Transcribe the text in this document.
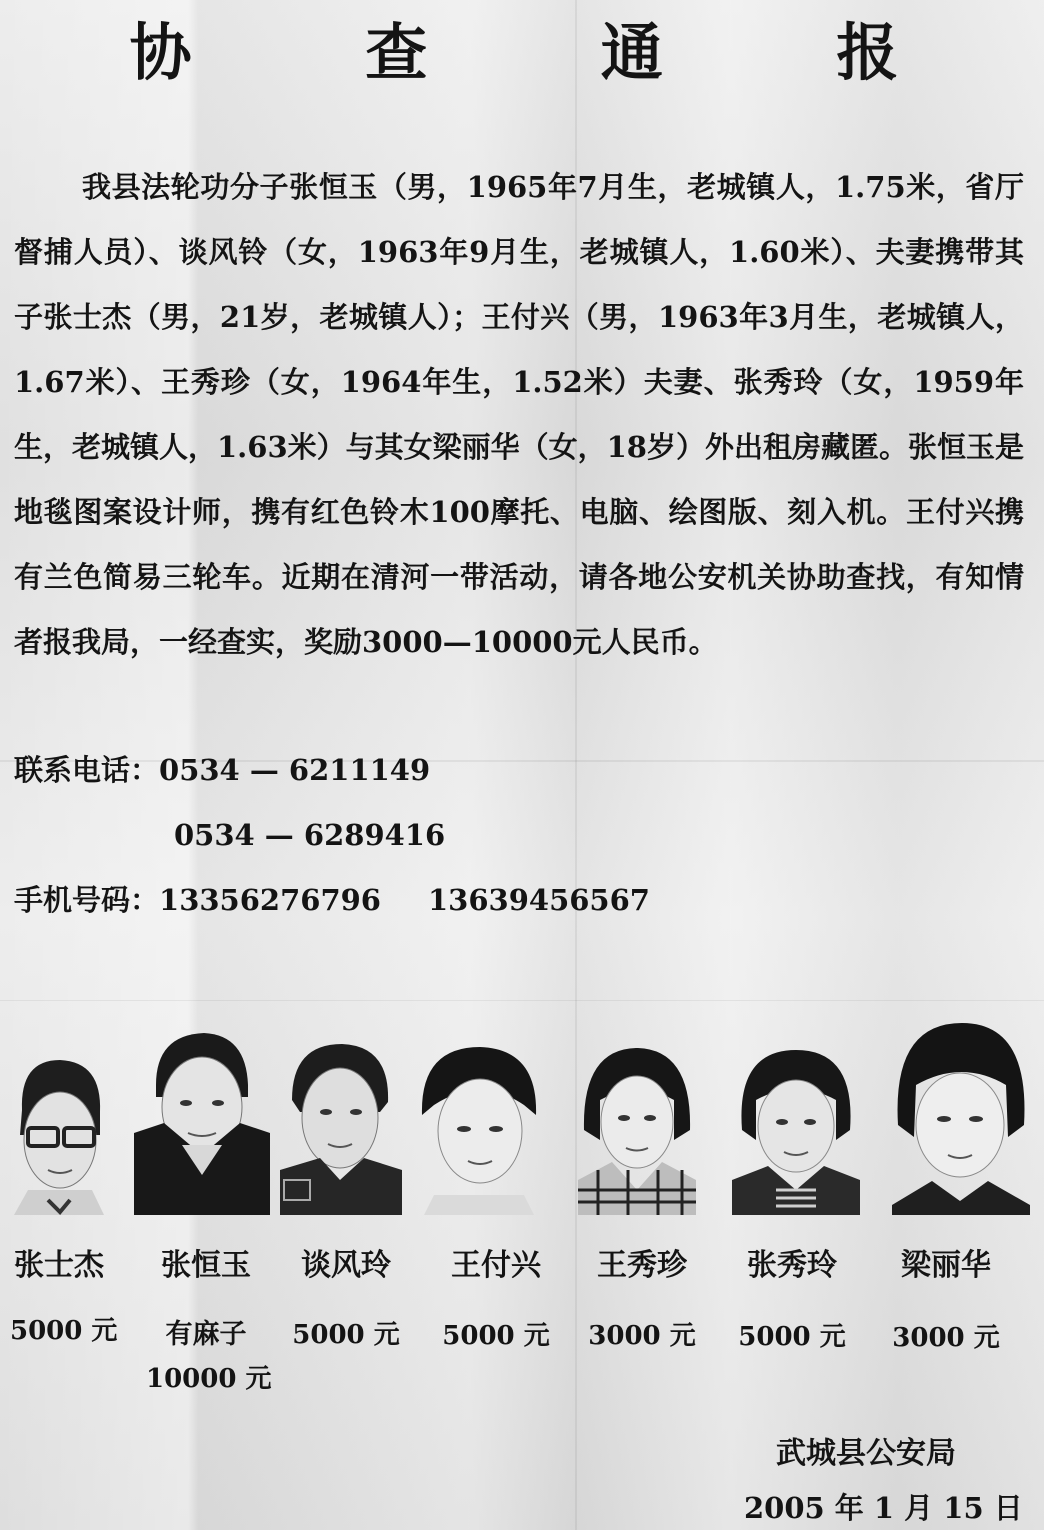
协 查 通 报

我县法轮功分子张恒玉（男，1965年7月生，老城镇人，1.75米，省厅督捕人员）、谈风铃（女，1963年9月生，老城镇人，1.60米）、夫妻携带其子张士杰（男，21岁，老城镇人）；王付兴（男，1963年3月生，老城镇人，1.67米）、王秀珍（女，1964年生，1.52米）夫妻、张秀玲（女，1959年生，老城镇人，1.63米）与其女梁丽华（女，18岁）外出租房藏匿。张恒玉是地毯图案设计师，携有红色铃木100摩托、电脑、绘图版、刻入机。王付兴携有兰色简易三轮车。近期在清河一带活动，请各地公安机关协助查找，有知情者报我局，一经查实，奖励3000—10000元人民币。

联系电话：0534 — 6211149
0534 — 6289416
手机号码：13356276796 13639456567
张士杰	张恒玉	谈风玲	王付兴	王秀珍	张秀玲	梁丽华
5000 元	有麻子
10000 元
5000 元 5000 元 3000 元 5000 元 3000 元
武城县公安局
2005 年 1 月 15 日
